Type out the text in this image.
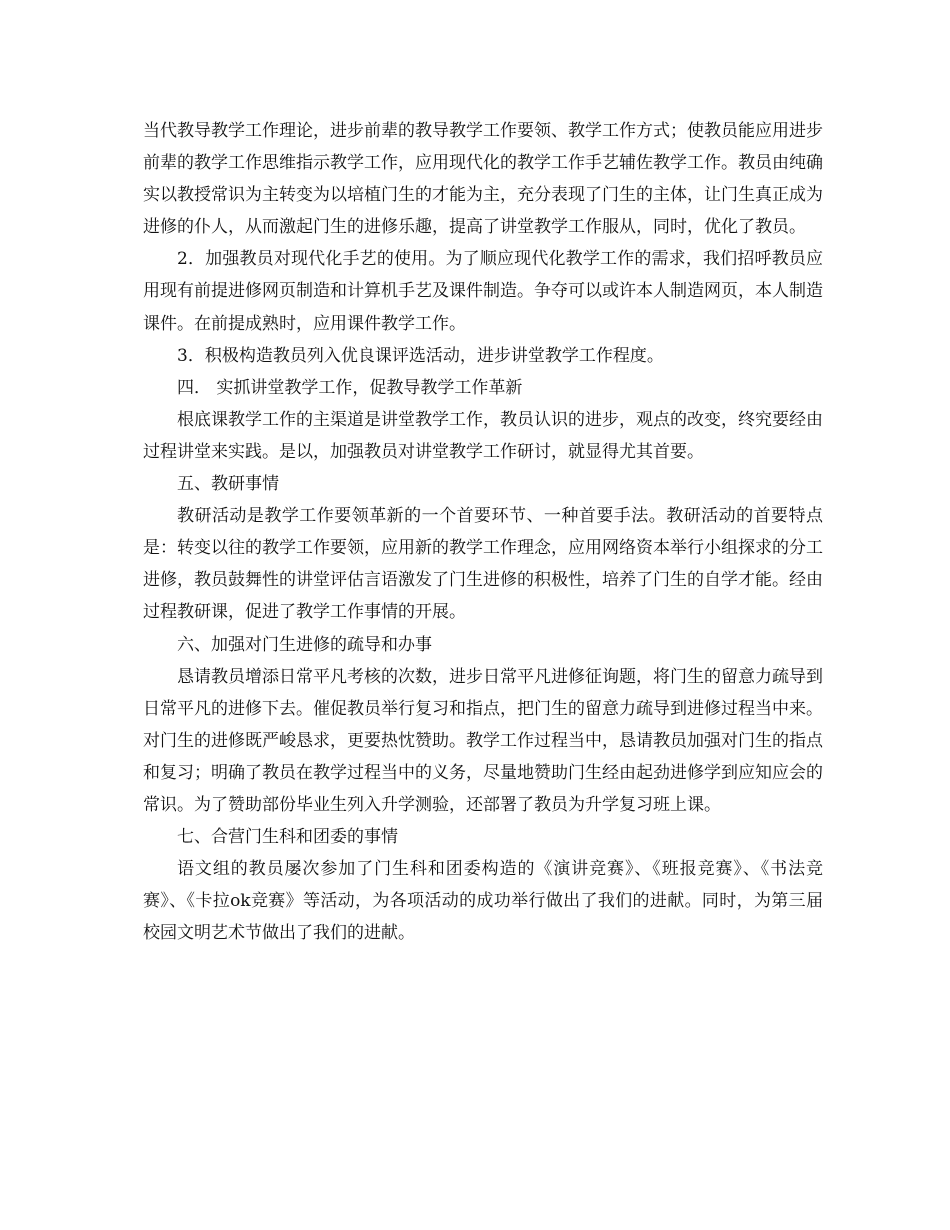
当代教导教学工作理论，进步前辈的教导教学工作要领、教学工作方式；使教员能应用进步前辈的教学工作思维指示教学工作，应用现代化的教学工作手艺辅佐教学工作。教员由纯确实以教授常识为主转变为以培植门生的才能为主，充分表现了门生的主体，让门生真正成为进修的仆人，从而激起门生的进修乐趣，提高了讲堂教学工作服从，同时，优化了教员。

2．加强教员对现代化手艺的使用。为了顺应现代化教学工作的需求，我们招呼教员应用现有前提进修网页制造和计算机手艺及课件制造。争夺可以或许本人制造网页，本人制造课件。在前提成熟时，应用课件教学工作。

3．积极构造教员列入优良课评选活动，进步讲堂教学工作程度。

四． 实抓讲堂教学工作，促教导教学工作革新

根底课教学工作的主渠道是讲堂教学工作，教员认识的进步，观点的改变，终究要经由过程讲堂来实践。是以，加强教员对讲堂教学工作研讨，就显得尤其首要。

五、教研事情

教研活动是教学工作要领革新的一个首要环节、一种首要手法。教研活动的首要特点是：转变以往的教学工作要领，应用新的教学工作理念，应用网络资本举行小组探求的分工进修，教员鼓舞性的讲堂评估言语激发了门生进修的积极性，培养了门生的自学才能。经由过程教研课，促进了教学工作事情的开展。

六、加强对门生进修的疏导和办事

恳请教员增添日常平凡考核的次数，进步日常平凡进修征询题，将门生的留意力疏导到日常平凡的进修下去。催促教员举行复习和指点，把门生的留意力疏导到进修过程当中来。对门生的进修既严峻恳求，更要热忱赞助。教学工作过程当中，恳请教员加强对门生的指点和复习；明确了教员在教学过程当中的义务，尽量地赞助门生经由起劲进修学到应知应会的常识。为了赞助部份毕业生列入升学测验，还部署了教员为升学复习班上课。

七、合营门生科和团委的事情

语文组的教员屡次参加了门生科和团委构造的《演讲竞赛》、《班报竞赛》、《书法竞赛》、《卡拉ok竞赛》等活动，为各项活动的成功举行做出了我们的进献。同时，为第三届校园文明艺术节做出了我们的进献。
